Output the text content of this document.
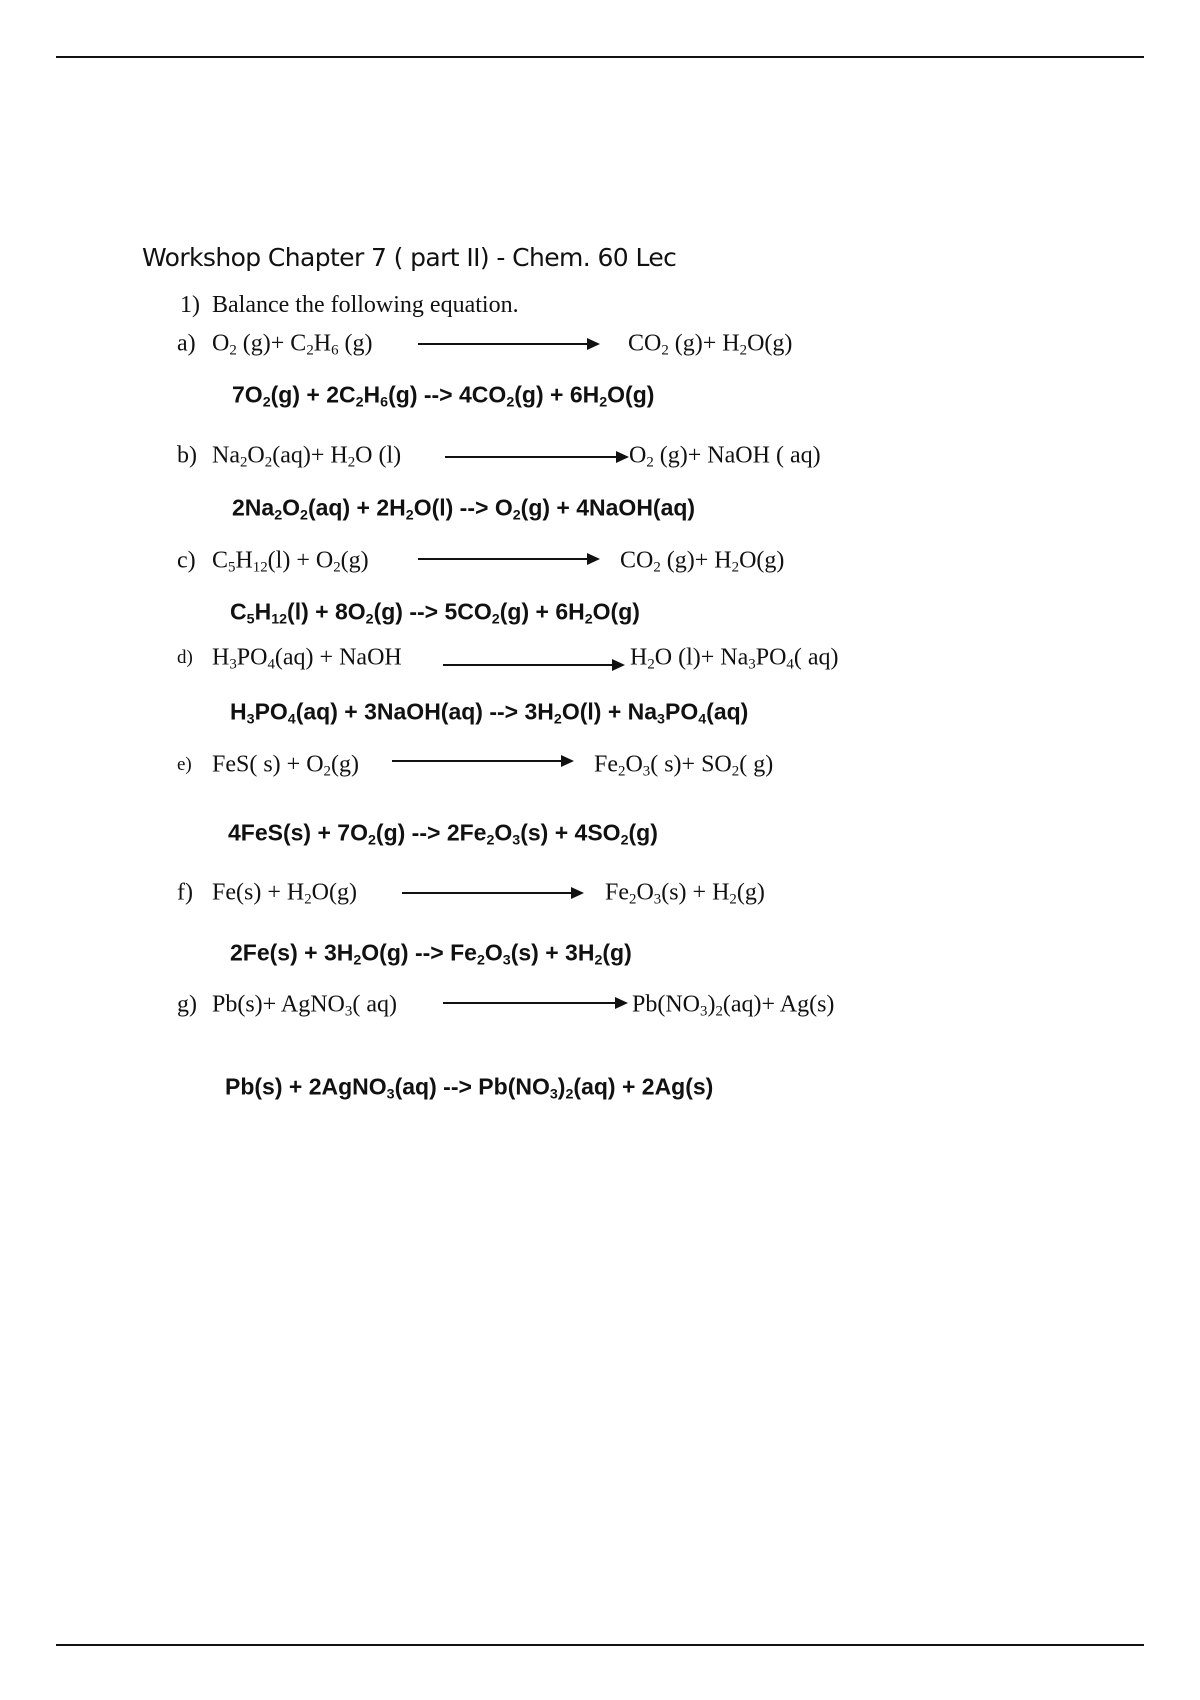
Workshop Chapter 7 ( part II) - Chem. 60 Lec
1) Balance the following equation.
a) $O_2$ $(g)+ C_2H_6$ (g)	$CO_2$ $(g)+ H_2O(g)$
$7O_2(g) + 2C_2H_6(g)$ --> $4CO_2(g) + 6H_2O(g)$
b) $Na_2O_2(aq)+ H_2O$ (l)	$O_2$ (g)+ NaOH ( aq)
$2Na_2O_2(aq) + 2H_2O(l)$ --> $O_2(g)$ + 4NaOH(aq)
c) $C_5H_{12}(l) + O_2(g)$	$CO_2$ $(g)+ H_2O(g)$
$C_5H_{12}(l) + 8O_2(g)$ --> $5CO_2(g) + 6H_2O(g)$
d) $H_3PO_4(aq)$ + NaOH	$H_2O$ $(l)+ Na_3PO_4$( aq)
$H_3PO_4(aq)$ + 3NaOH(aq) --> $3H_2O(l) + Na_3PO_4(aq)$
e) FeS( $s) + O_2(g)$	$Fe_2O_3$( $s)+ SO_2$( g)
$4FeS(s) + 7O_2(g)$ --> $2Fe_2O_3(s) + 4SO_2(g)$
f) $Fe(s) + H_2O(g)$	$Fe_2O_3(s) + H_2(g)$
$2Fe(s) + 3H_2O(g)$ --> $Fe_2O_3(s) + 3H_2(g)$
g) Pb(s)+ AgNO$_3$( aq)	$Pb(NO_3)_2(aq)+ Ag(s)$
Pb(s) + 2AgNO$_3$(aq) --> $Pb(NO_3)_2(aq) + 2Ag(s)$
